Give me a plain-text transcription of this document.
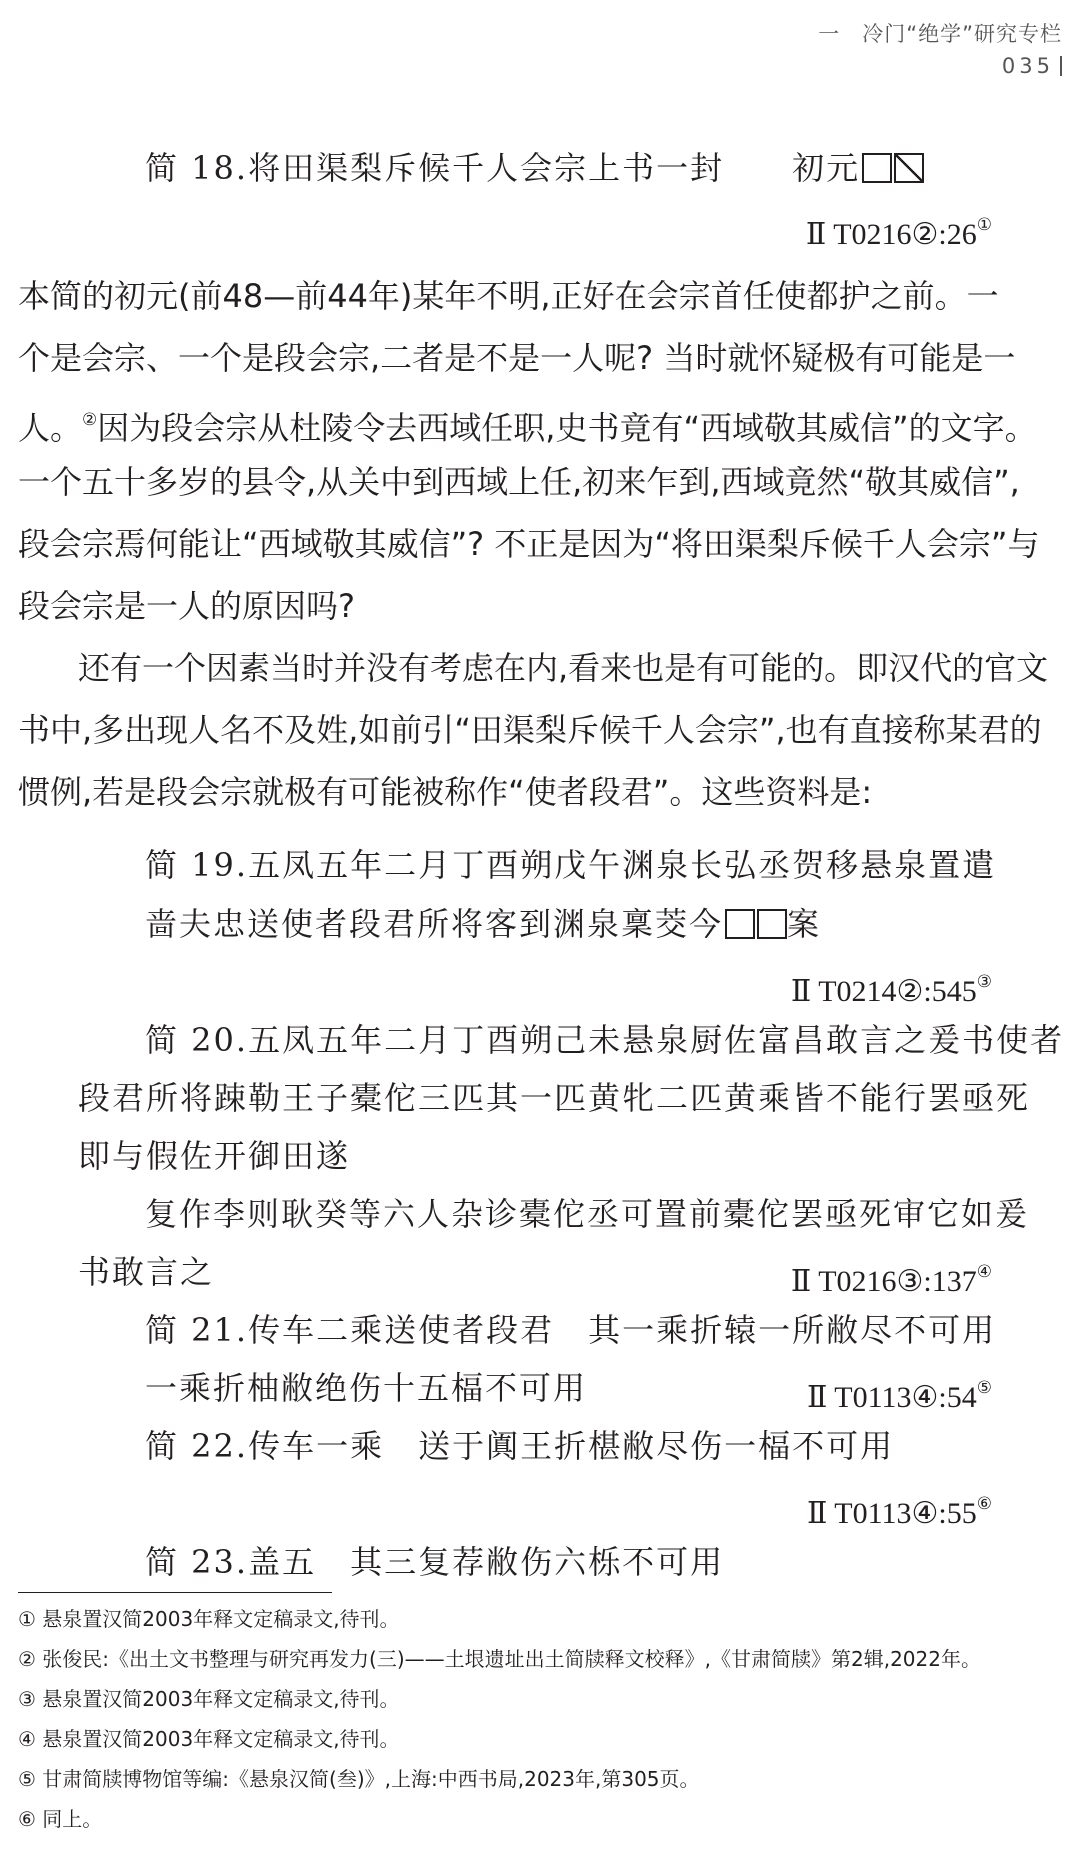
一　冷门“绝学”研究专栏
035
简 18.将田渠梨斥候千人会宗上书一封　　初元
Ⅱ T0216②:26①
本简的初元(前48—前44年)某年不明,正好在会宗首任使都护之前。一
个是会宗、一个是段会宗,二者是不是一人呢? 当时就怀疑极有可能是一
人。②因为段会宗从杜陵令去西域任职,史书竟有“西域敬其威信”的文字。
一个五十多岁的县令,从关中到西域上任,初来乍到,西域竟然“敬其威信”,
段会宗焉何能让“西域敬其威信”? 不正是因为“将田渠梨斥候千人会宗”与
段会宗是一人的原因吗?
还有一个因素当时并没有考虑在内,看来也是有可能的。即汉代的官文
书中,多出现人名不及姓,如前引“田渠梨斥候千人会宗”,也有直接称某君的
惯例,若是段会宗就极有可能被称作“使者段君”。这些资料是:
简 19.五凤五年二月丁酉朔戊午渊泉长弘丞贺移悬泉置遣
啬夫忠送使者段君所将客到渊泉稟茭今 案
Ⅱ T0214②:545③
简 20.五凤五年二月丁酉朔己未悬泉厨佐富昌敢言之爰书使者
段君所将踈勒王子橐佗三匹其一匹黄牝二匹黄乘皆不能行罢亟死
即与假佐开御田遂
复作李则耿癸等六人杂诊橐佗丞可置前橐佗罢亟死审它如爰
书敢言之	Ⅱ T0216③:137④
简 21.传车二乘送使者段君　其一乘折辕一所敝尽不可用
一乘折柚敝绝伤十五楅不可用	Ⅱ T0113④:54⑤
简 22.传车一乘　送于阗王折椹敝尽伤一楅不可用
Ⅱ T0113④:55⑥
简 23.盖五　其三复荐敝伤六栎不可用
① 悬泉置汉简2003年释文定稿录文,待刊。
② 张俊民:《出土文书整理与研究再发力(三)——土垠遗址出土简牍释文校释》,《甘肃简牍》第2辑,2022年。
③ 悬泉置汉简2003年释文定稿录文,待刊。
④ 悬泉置汉简2003年释文定稿录文,待刊。
⑤ 甘肃简牍博物馆等编:《悬泉汉简(叁)》,上海:中西书局,2023年,第305页。
⑥ 同上。
